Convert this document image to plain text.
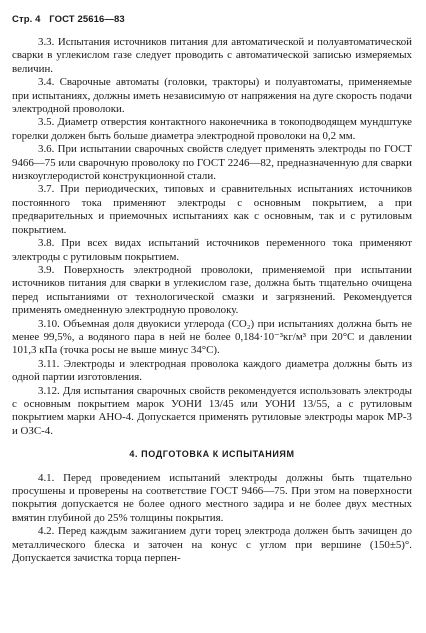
Стр. 4 ГОСТ 25616—83

3.3. Испытания источников питания для автоматической и полуавтоматической сварки в углекислом газе следует проводить с автоматической записью измеряемых величин.

3.4. Сварочные автоматы (головки, тракторы) и полуавтоматы, применяемые при испытаниях, должны иметь независимую от напряжения на дуге скорость подачи электродной проволоки.

3.5. Диаметр отверстия контактного наконечника в токоподводящем мундштуке горелки должен быть больше диаметра электродной проволоки на 0,2 мм.

3.6. При испытании сварочных свойств следует применять электроды по ГОСТ 9466—75 или сварочную проволоку по ГОСТ 2246—82, предназначенную для сварки низкоуглеродистой конструкционной стали.

3.7. При периодических, типовых и сравнительных испытаниях источников постоянного тока применяют электроды с основным покрытием, а при предварительных и приемочных испытаниях как с основным, так и с рутиловым покрытием.

3.8. При всех видах испытаний источников переменного тока применяют электроды с рутиловым покрытием.

3.9. Поверхность электродной проволоки, применяемой при испытании источников питания для сварки в углекислом газе, должна быть тщательно очищена перед испытаниями от технологической смазки и загрязнений. Рекомендуется применять омедненную электродную проволоку.

3.10. Объемная доля двуокиси углерода (CO₂) при испытаниях должна быть не менее 99,5%, а водяного пара в ней не более 0,184·10⁻³кг/м³ при 20°C и давлении 101,3 кПа (точка росы не выше минус 34°C).

3.11. Электроды и электродная проволока каждого диаметра должны быть из одной партии изготовления.

3.12. Для испытания сварочных свойств рекомендуется использовать электроды с основным покрытием марок УОНИ 13/45 или УОНИ 13/55, а с рутиловым покрытием марки АНО-4. Допускается применять рутиловые электроды марок МР-3 и ОЗС-4.

4. ПОДГОТОВКА К ИСПЫТАНИЯМ

4.1. Перед проведением испытаний электроды должны быть тщательно просушены и проверены на соответствие ГОСТ 9466—75. При этом на поверхности покрытия допускается не более одного местного задира и не более двух местных вмятин глубиной до 25% толщины покрытия.

4.2. Перед каждым зажиганием дуги торец электрода должен быть зачищен до металлического блеска и заточен на конус с углом при вершине (150±5)°. Допускается зачистка торца перпен-
